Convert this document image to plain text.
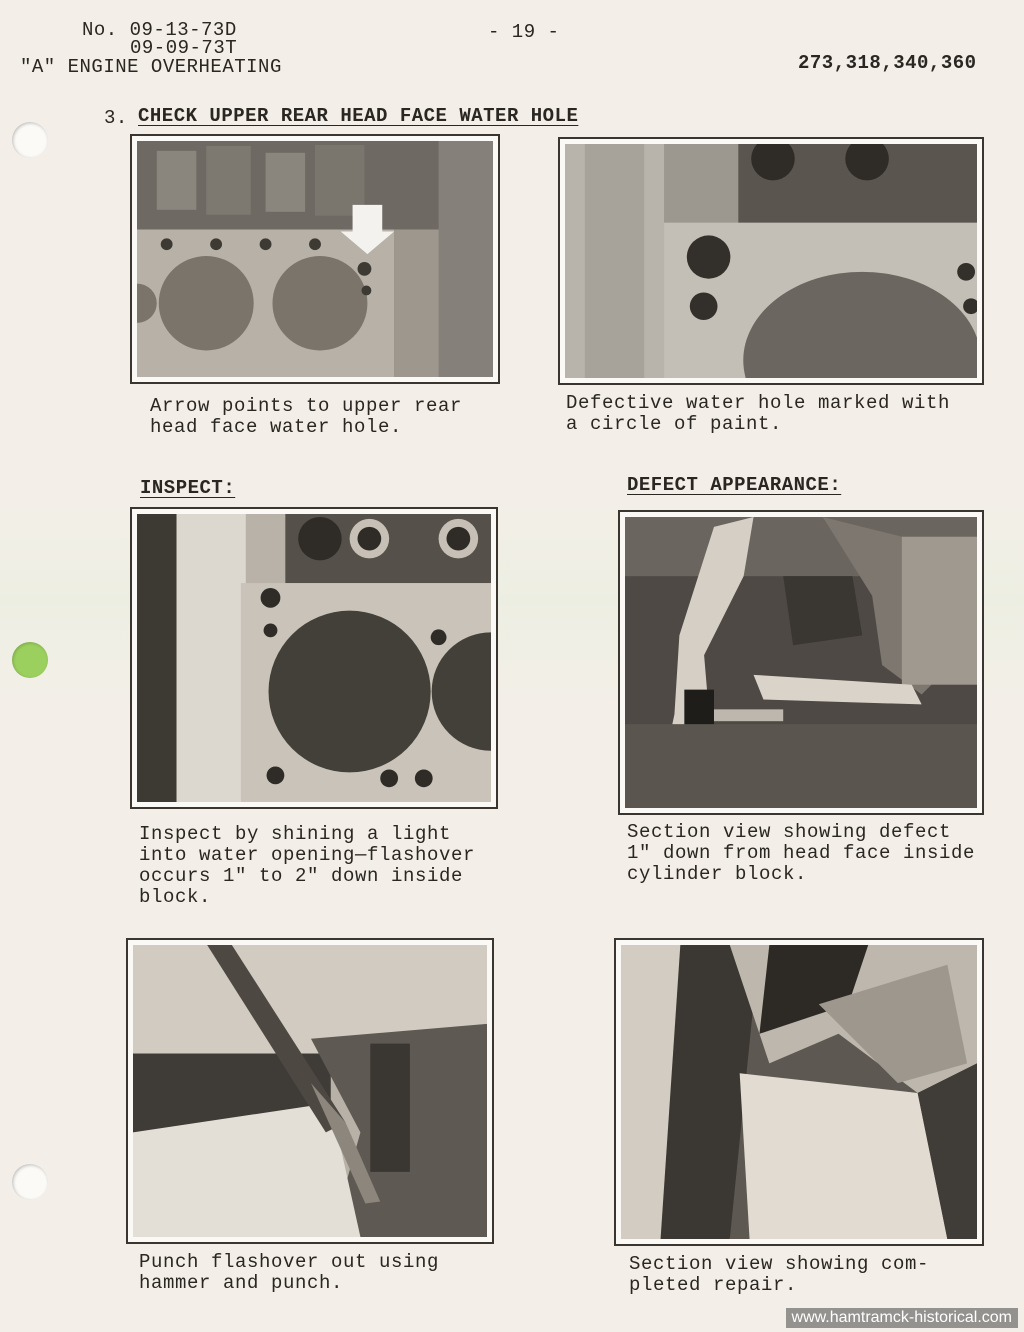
No. 09-13-73D
09-09-73T
"A" ENGINE OVERHEATING
- 19 -
273,318,340,360
3. CHECK UPPER REAR HEAD FACE WATER HOLE
Arrow points to upper rear
head face water hole.
Defective water hole marked with
a circle of paint.
INSPECT:	DEFECT APPEARANCE:
Inspect by shining a light
into water opening—flashover
occurs 1" to 2" down inside
block.
Section view showing defect
1" down from head face inside
cylinder block.
Punch flashover out using
hammer and punch.
Section view showing com-
pleted repair.
www.hamtramck-historical.com
